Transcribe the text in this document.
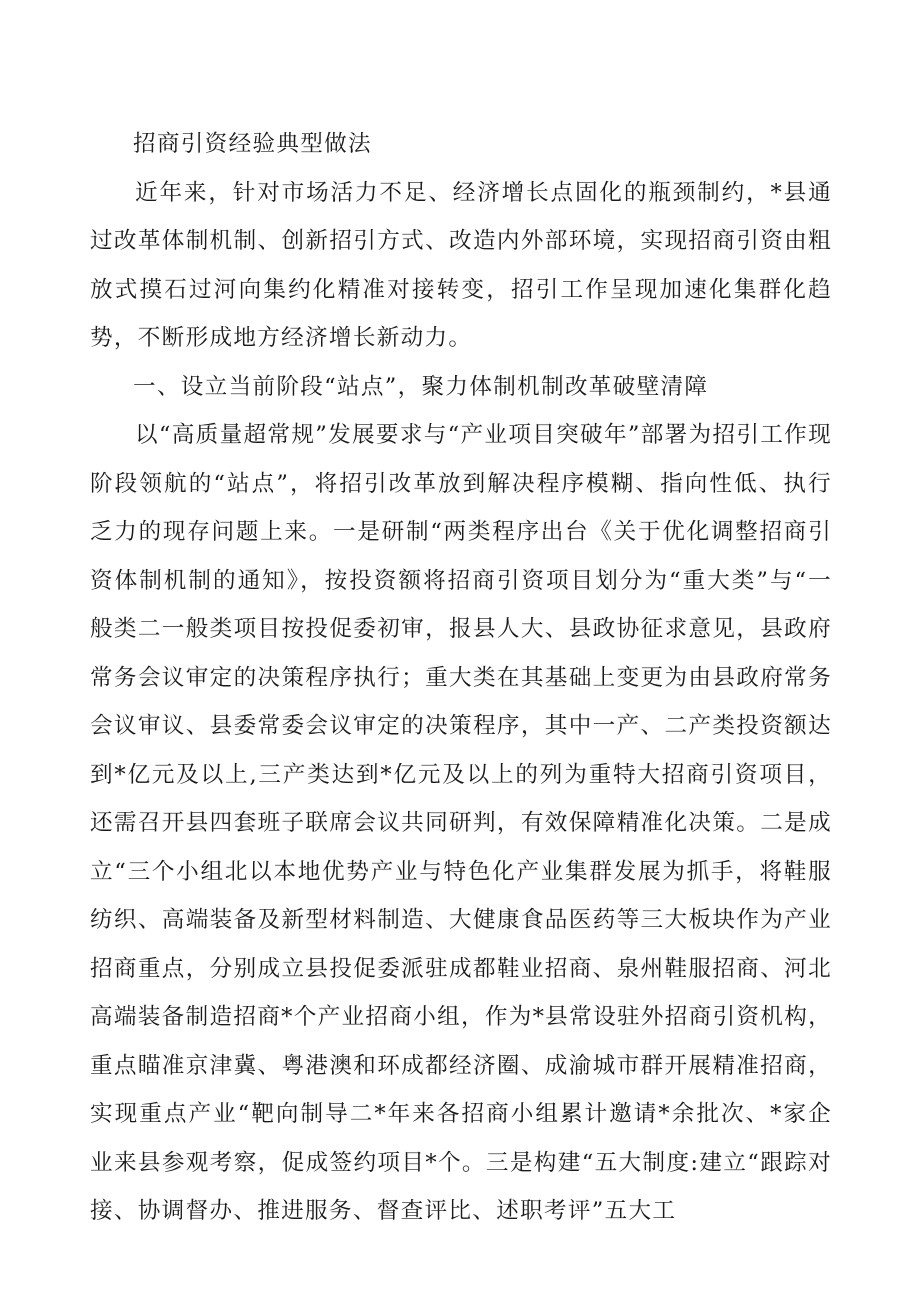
招商引资经验典型做法

近年来，针对市场活力不足、经济增长点固化的瓶颈制约，*县通过改革体制机制、创新招引方式、改造内外部环境，实现招商引资由粗放式摸石过河向集约化精准对接转变，招引工作呈现加速化集群化趋势，不断形成地方经济增长新动力。

一、设立当前阶段“站点”，聚力体制机制改革破壁清障

以“高质量超常规”发展要求与“产业项目突破年”部署为招引工作现阶段领航的“站点”，将招引改革放到解决程序模糊、指向性低、执行乏力的现存问题上来。一是研制“两类程序出台《关于优化调整招商引资体制机制的通知》，按投资额将招商引资项目划分为“重大类”与“一般类二一般类项目按投促委初审，报县人大、县政协征求意见，县政府常务会议审定的决策程序执行；重大类在其基础上变更为由县政府常务会议审议、县委常委会议审定的决策程序，其中一产、二产类投资额达到*亿元及以上,三产类达到*亿元及以上的列为重特大招商引资项目，还需召开县四套班子联席会议共同研判，有效保障精准化决策。二是成立“三个小组北以本地优势产业与特色化产业集群发展为抓手，将鞋服纺织、高端装备及新型材料制造、大健康食品医药等三大板块作为产业招商重点，分别成立县投促委派驻成都鞋业招商、泉州鞋服招商、河北高端装备制造招商*个产业招商小组，作为*县常设驻外招商引资机构，重点瞄准京津冀、粤港澳和环成都经济圈、成渝城市群开展精准招商，实现重点产业“靶向制导二*年来各招商小组累计邀请*余批次、*家企业来县参观考察，促成签约项目*个。三是构建“五大制度:建立“跟踪对接、协调督办、推进服务、督查评比、述职考评”五大工
